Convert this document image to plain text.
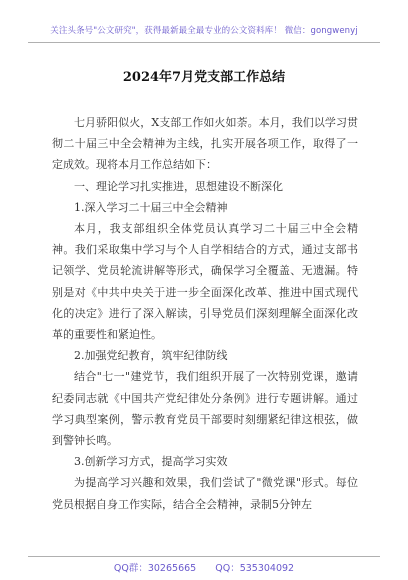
关注头条号"公文研究"，获得最新最全最专业的公文资料库！ 微信：gongwenyj
2024年7月党支部工作总结

七月骄阳似火，X支部工作如火如荼。本月，我们以学习贯彻二十届三中全会精神为主线，扎实开展各项工作，取得了一定成效。现将本月工作总结如下：

一、理论学习扎实推进，思想建设不断深化

1.深入学习二十届三中全会精神

本月，我支部组织全体党员认真学习二十届三中全会精神。我们采取集中学习与个人自学相结合的方式，通过支部书记领学、党员轮流讲解等形式，确保学习全覆盖、无遗漏。特别是对《中共中央关于进一步全面深化改革、推进中国式现代化的决定》进行了深入解读，引导党员们深刻理解全面深化改革的重要性和紧迫性。

2.加强党纪教育，筑牢纪律防线

结合"七一"建党节，我们组织开展了一次特别党课，邀请纪委同志就《中国共产党纪律处分条例》进行专题讲解。通过学习典型案例，警示教育党员干部要时刻绷紧纪律这根弦，做到警钟长鸣。

3.创新学习方式，提高学习实效

为提高学习兴趣和效果，我们尝试了"微党课"形式。每位党员根据自身工作实际，结合全会精神，录制5分钟左

QQ群：30265665 QQ：535304092
